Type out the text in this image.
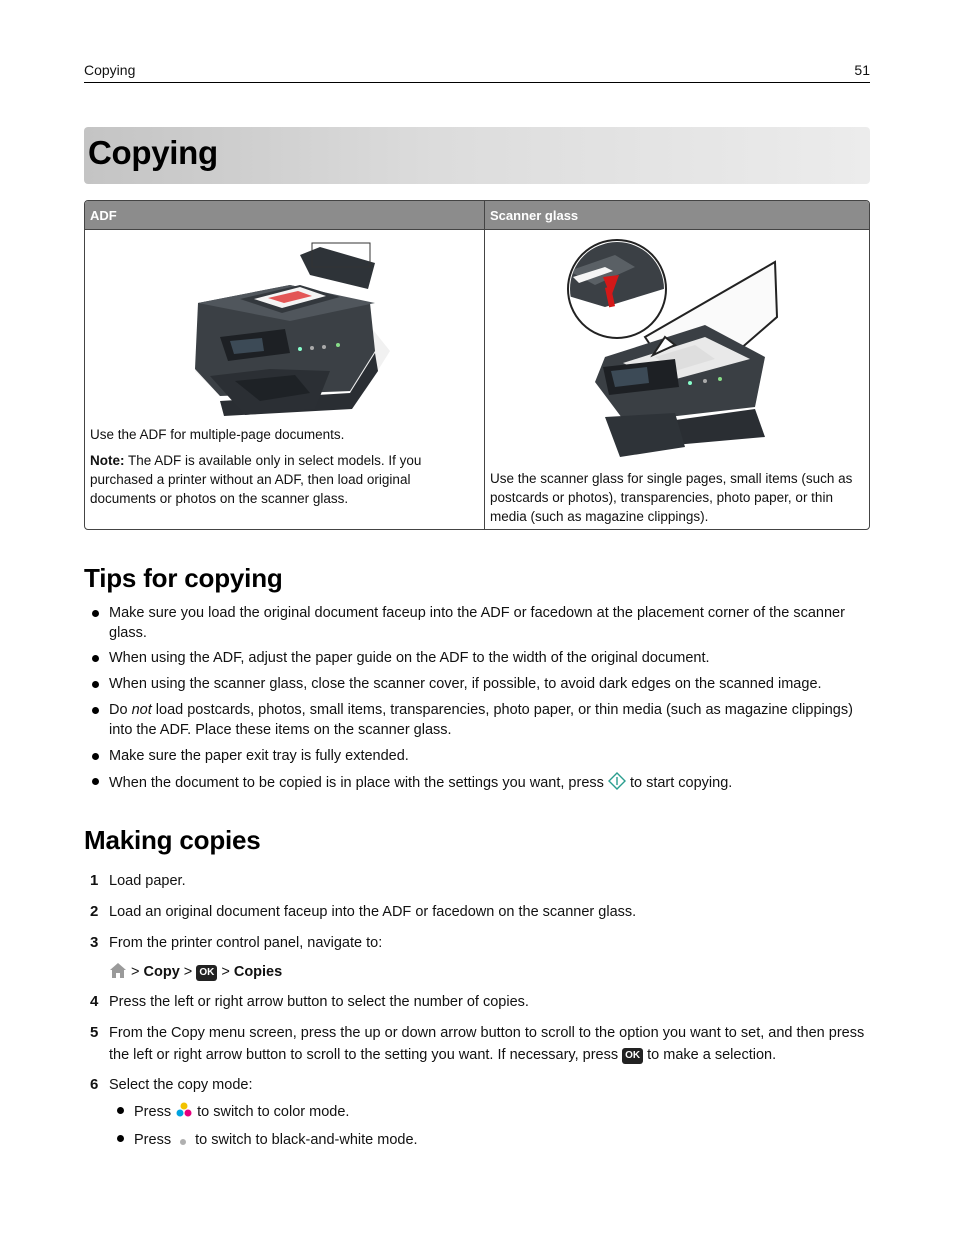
Copying	51
Copying
ADF	Scanner glass

Use the ADF for multiple-page documents.

Note: The ADF is available only in select models. If you purchased a printer without an ADF, then load original documents or photos on the scanner glass.

Use the scanner glass for single pages, small items (such as postcards or photos), transparencies, photo paper, or thin media (such as magazine clippings).

Tips for copying
Make sure you load the original document faceup into the ADF or facedown at the placement corner of the scanner glass.
When using the ADF, adjust the paper guide on the ADF to the width of the original document.
When using the scanner glass, close the scanner cover, if possible, to avoid dark edges on the scanned image.
Do not load postcards, photos, small items, transparencies, photo paper, or thin media (such as magazine clippings) into the ADF. Place these items on the scanner glass.
Make sure the paper exit tray is fully extended.
When the document to be copied is in place with the settings you want, press  to start copying.
Making copies
1 Load paper.
2 Load an original document faceup into the ADF or facedown on the scanner glass.
3 From the printer control panel, navigate to:
> Copy > OK > Copies
4 Press the left or right arrow button to select the number of copies.
5 From the Copy menu screen, press the up or down arrow button to scroll to the option you want to set, and then press the left or right arrow button to scroll to the setting you want. If necessary, press OK to make a selection.
6 Select the copy mode:
Press  to switch to color mode.
Press  to switch to black-and-white mode.
